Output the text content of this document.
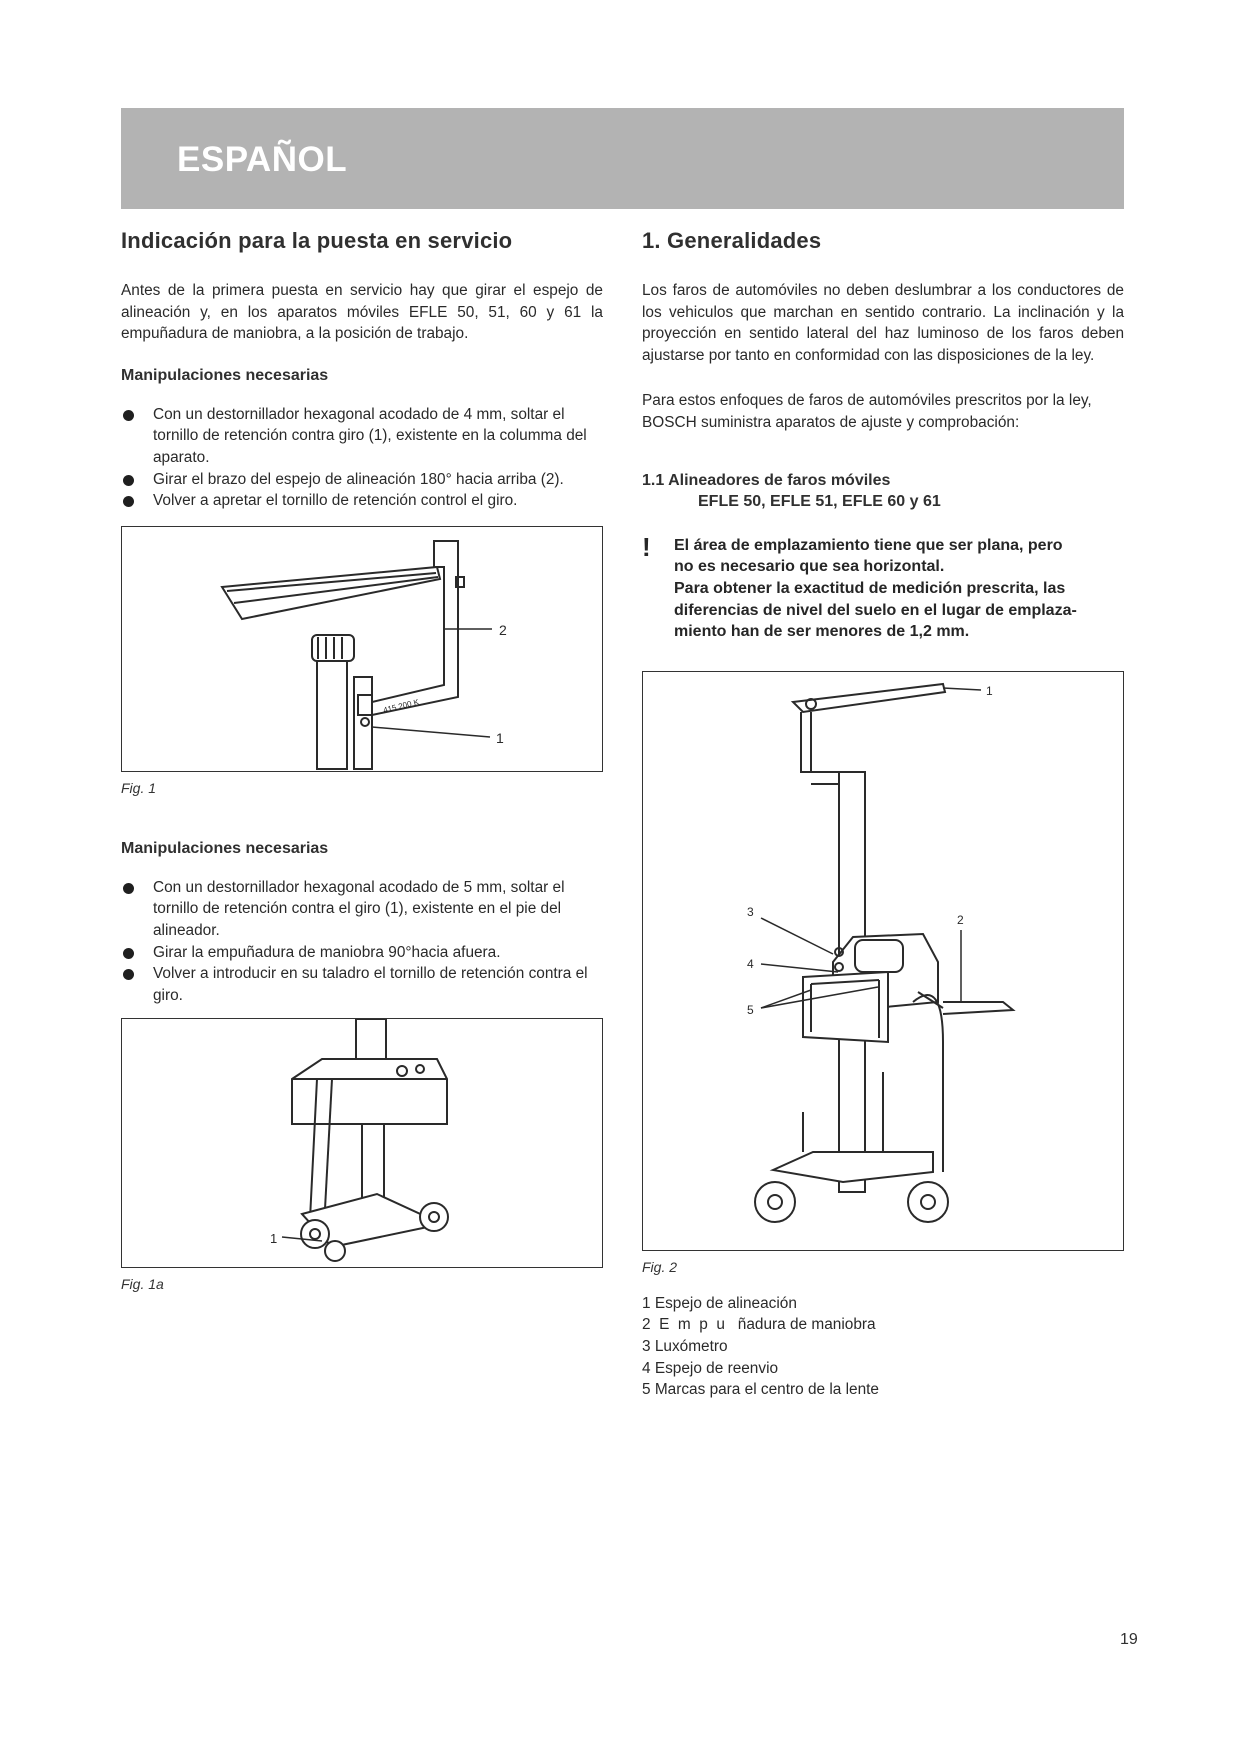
ESPAÑOL
Indicación para la puesta en servicio

Antes de la primera puesta en servicio hay que girar el espejo de alineación y, en los aparatos móviles EFLE 50, 51, 60 y 61 la empuñadura de maniobra, a la posición de trabajo.

Manipulaciones necesarias
Con un destornillador hexagonal acodado de 4 mm, soltar el tornillo de retención contra giro (1), existente en la columma del aparato.
Girar el brazo del espejo de alineación 180° hacia arriba (2).
Volver a apretar el tornillo de retención control el giro.
2
1
415 200 K
Fig. 1
Manipulaciones necesarias
Con un destornillador hexagonal acodado de 5 mm, soltar el tornillo de retención contra el giro (1), existente en el pie del alineador.
Girar la empuñadura de maniobra 90°hacia afuera.
Volver a introducir en su taladro el tornillo de retención contra el giro.
1
Fig. 1a
1. Generalidades

Los faros de automóviles no deben deslumbrar a los conductores de los vehiculos que marchan en sentido contrario. La inclinación y la proyección en sentido lateral del haz luminoso de los faros deben ajustarse por tanto en conformidad con las disposiciones de la ley.

Para estos enfoques de faros de automóviles prescritos por la ley, BOSCH suministra aparatos de ajuste y comprobación:

1.1 Alineadores de faros móviles
EFLE 50, EFLE 51, EFLE 60 y 61
! El área de emplazamiento tiene que ser plana, pero
no es necesario que sea horizontal.
Para obtener la exactitud de medición prescrita, las
diferencias de nivel del suelo en el lugar de emplaza-
miento han de ser menores de 1,2 mm.
1
2
3
4
5
Fig. 2

1 Espejo de alineación

2  E  m  p  u   ñadura de maniobra

3 Luxómetro

4 Espejo de reenvio

5 Marcas para el centro de la lente

19
